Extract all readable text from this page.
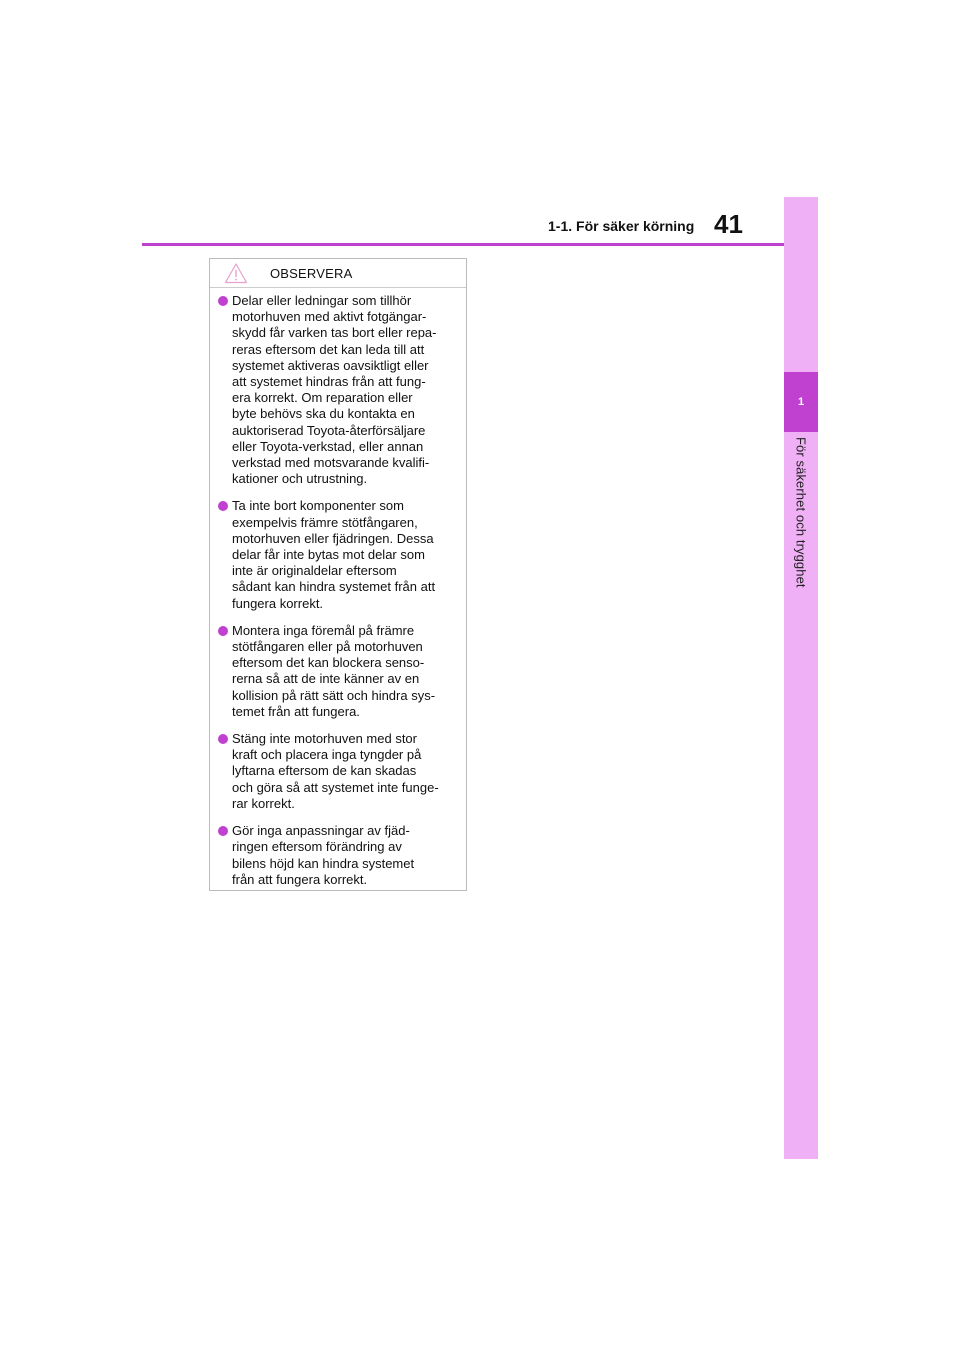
1
För säkerhet och trygghet
1-1. För säker körning 41
OBSERVERA
Delar eller ledningar som tillhör
motorhuven med aktivt fotgängar-
skydd får varken tas bort eller repa-
reras eftersom det kan leda till att
systemet aktiveras oavsiktligt eller
att systemet hindras från att fung-
era korrekt. Om reparation eller
byte behövs ska du kontakta en
auktoriserad Toyota-återförsäljare
eller Toyota-verkstad, eller annan
verkstad med motsvarande kvalifi-
kationer och utrustning.
Ta inte bort komponenter som
exempelvis främre stötfångaren,
motorhuven eller fjädringen. Dessa
delar får inte bytas mot delar som
inte är originaldelar eftersom
sådant kan hindra systemet från att
fungera korrekt.
Montera inga föremål på främre
stötfångaren eller på motorhuven
eftersom det kan blockera senso-
rerna så att de inte känner av en
kollision på rätt sätt och hindra sys-
temet från att fungera.
Stäng inte motorhuven med stor
kraft och placera inga tyngder på
lyftarna eftersom de kan skadas
och göra så att systemet inte funge-
rar korrekt.
Gör inga anpassningar av fjäd-
ringen eftersom förändring av
bilens höjd kan hindra systemet
från att fungera korrekt.
